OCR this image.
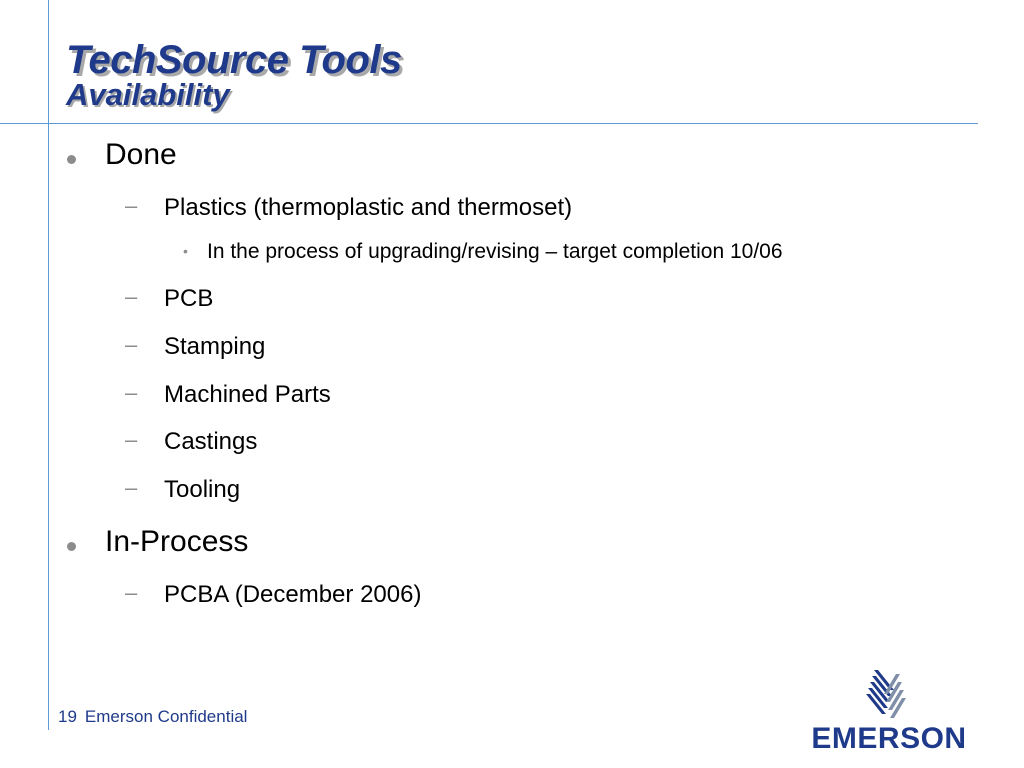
TechSource Tools
Availability
Done
– Plastics (thermoplastic and thermoset)
• In the process of upgrading/revising – target completion 10/06
– PCB
– Stamping
– Machined Parts
– Castings
– Tooling
In-Process
– PCBA (December 2006)
19 Emerson Confidential
EMERSON
